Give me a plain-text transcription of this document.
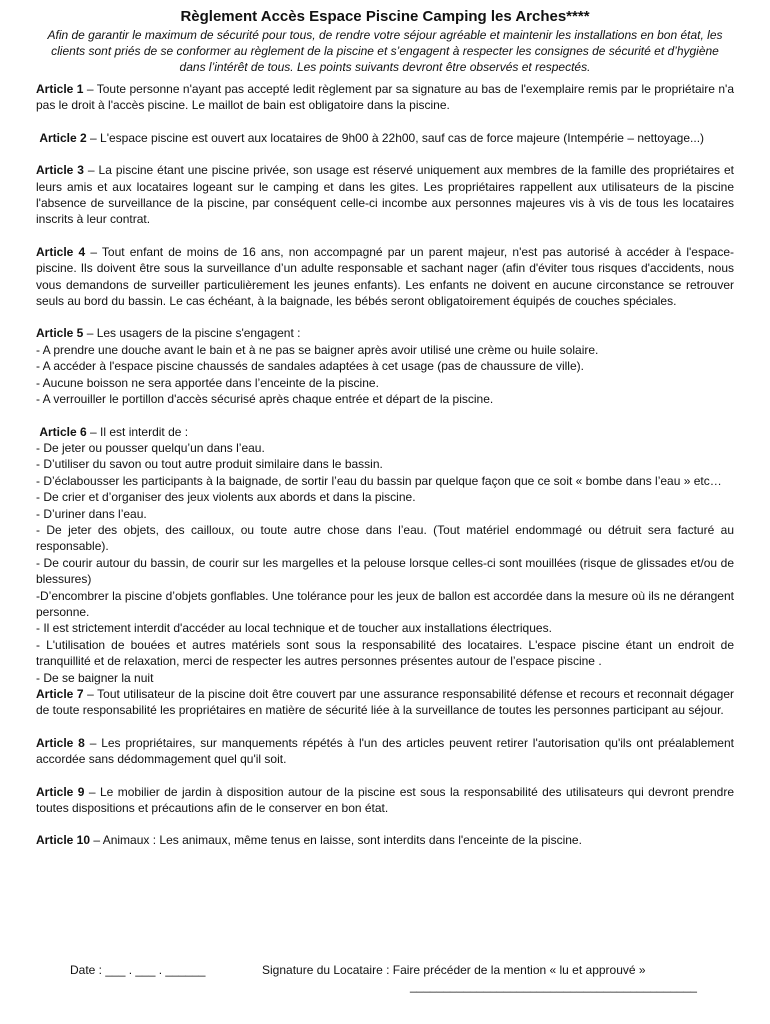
Règlement Accès Espace Piscine Camping les Arches****

Afin de garantir le maximum de sécurité pour tous, de rendre votre séjour agréable et maintenir les installations en bon état, les clients sont priés de se conformer au règlement de la piscine et s’engagent à respecter les consignes de sécurité et d’hygiène dans l’intérêt de tous. Les points suivants devront être observés et respectés.

Article 1 – Toute personne n'ayant pas accepté ledit règlement par sa signature au bas de l'exemplaire remis par le propriétaire n'a pas le droit à l'accès piscine. Le maillot de bain est obligatoire dans la piscine.

Article 2 – L'espace piscine est ouvert aux locataires de 9h00 à 22h00, sauf cas de force majeure (Intempérie – nettoyage...)

Article 3 – La piscine étant une piscine privée, son usage est réservé uniquement aux membres de la famille des propriétaires et leurs amis et aux locataires logeant sur le camping et dans les gites. Les propriétaires rappellent aux utilisateurs de la piscine l'absence de surveillance de la piscine, par conséquent celle-ci incombe aux personnes majeures vis à vis de tous les locataires inscrits à leur contrat.

Article 4 – Tout enfant de moins de 16 ans, non accompagné par un parent majeur, n'est pas autorisé à accéder à l'espace-piscine. Ils doivent être sous la surveillance d’un adulte responsable et sachant nager (afin d'éviter tous risques d'accidents, nous vous demandons de surveiller particulièrement les jeunes enfants). Les enfants ne doivent en aucune circonstance se retrouver seuls au bord du bassin. Le cas échéant, à la baignade, les bébés seront obligatoirement équipés de couches spéciales.

Article 5 – Les usagers de la piscine s'engagent :
- A prendre une douche avant le bain et à ne pas se baigner après avoir utilisé une crème ou huile solaire.
- A accéder à l'espace piscine chaussés de sandales adaptées à cet usage (pas de chaussure de ville).
- Aucune boisson ne sera apportée dans l’enceinte de la piscine.
- A verrouiller le portillon d'accès sécurisé après chaque entrée et départ de la piscine.
Article 6 – Il est interdit de :
- De jeter ou pousser quelqu’un dans l’eau.
- D’utiliser du savon ou tout autre produit similaire dans le bassin.
- D’éclabousser les participants à la baignade, de sortir l’eau du bassin par quelque façon que ce soit « bombe dans l’eau » etc…
- De crier et d’organiser des jeux violents aux abords et dans la piscine.
- D’uriner dans l’eau.
- De jeter des objets, des cailloux, ou toute autre chose dans l’eau. (Tout matériel endommagé ou détruit sera facturé au responsable).
- De courir autour du bassin, de courir sur les margelles et la pelouse lorsque celles-ci sont mouillées (risque de glissades et/ou de blessures)
-D’encombrer la piscine d’objets gonflables. Une tolérance pour les jeux de ballon est accordée dans la mesure où ils ne dérangent personne.
- Il est strictement interdit d'accéder au local technique et de toucher aux installations électriques.
- L'utilisation de bouées et autres matériels sont sous la responsabilité des locataires. L'espace piscine étant un endroit de tranquillité et de relaxation, merci de respecter les autres personnes présentes autour de l’espace piscine .
- De se baigner la nuit

Article 7 – Tout utilisateur de la piscine doit être couvert par une assurance responsabilité défense et recours et reconnait dégager de toute responsabilité les propriétaires en matière de sécurité liée à la surveillance de toutes les personnes participant au séjour.

Article 8 – Les propriétaires, sur manquements répétés à l'un des articles peuvent retirer l'autorisation qu'ils ont préalablement accordée sans dédommagement quel qu'il soit.

Article 9 – Le mobilier de jardin à disposition autour de la piscine est sous la responsabilité des utilisateurs qui devront prendre toutes dispositions et précautions afin de le conserver en bon état.

Article 10 – Animaux : Les animaux, même tenus en laisse, sont interdits dans l'enceinte de la piscine.

Date : ___ . ___ . ______	Signature du Locataire : Faire précéder de la mention « lu et approuvé »
___________________________________________
